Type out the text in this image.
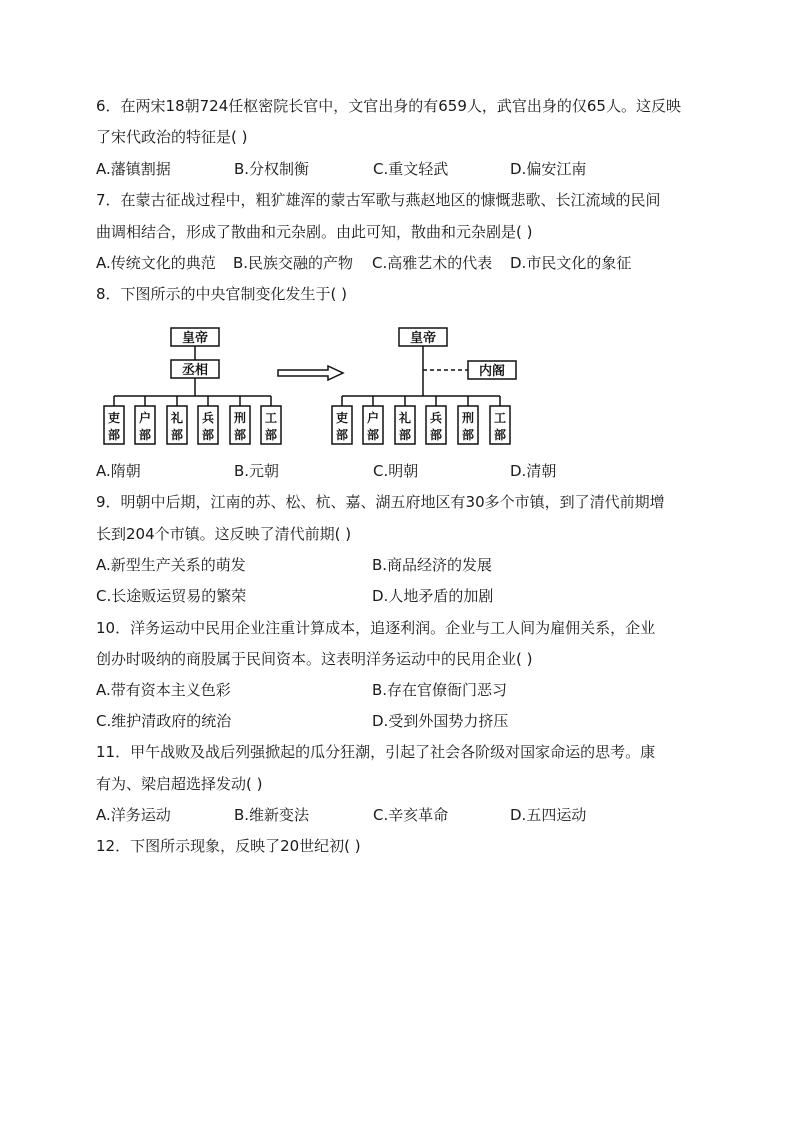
6．在两宋18朝724任枢密院长官中，文官出身的有659人，武官出身的仅65人。这反映
了宋代政治的特征是( )
A.藩镇割据	B.分权制衡	C.重文轻武	D.偏安江南
7．在蒙古征战过程中，粗犷雄浑的蒙古军歌与燕赵地区的慷慨悲歌、长江流域的民间
曲调相结合，形成了散曲和元杂剧。由此可知，散曲和元杂剧是( )
A.传统文化的典范 B.民族交融的产物 C.高雅艺术的代表 D.市民文化的象征
8．下图所示的中央官制变化发生于( )
皇帝
丞相
皇帝
内阁
吏
部
户
部
礼
部
兵
部
刑
部
工
部
吏
部
户
部
礼
部
兵
部
刑
部
工
部
A.隋朝	B.元朝	C.明朝	D.清朝
9．明朝中后期，江南的苏、松、杭、嘉、湖五府地区有30多个市镇，到了清代前期增
长到204个市镇。这反映了清代前期( )
A.新型生产关系的萌发	B.商品经济的发展
C.长途贩运贸易的繁荣	D.人地矛盾的加剧
10．洋务运动中民用企业注重计算成本，追逐利润。企业与工人间为雇佣关系，企业
创办时吸纳的商股属于民间资本。这表明洋务运动中的民用企业( )
A.带有资本主义色彩	B.存在官僚衙门恶习
C.维护清政府的统治	D.受到外国势力挤压
11．甲午战败及战后列强掀起的瓜分狂潮，引起了社会各阶级对国家命运的思考。康
有为、梁启超选择发动( )
A.洋务运动	B.维新变法	C.辛亥革命	D.五四运动
12．下图所示现象，反映了20世纪初( )
